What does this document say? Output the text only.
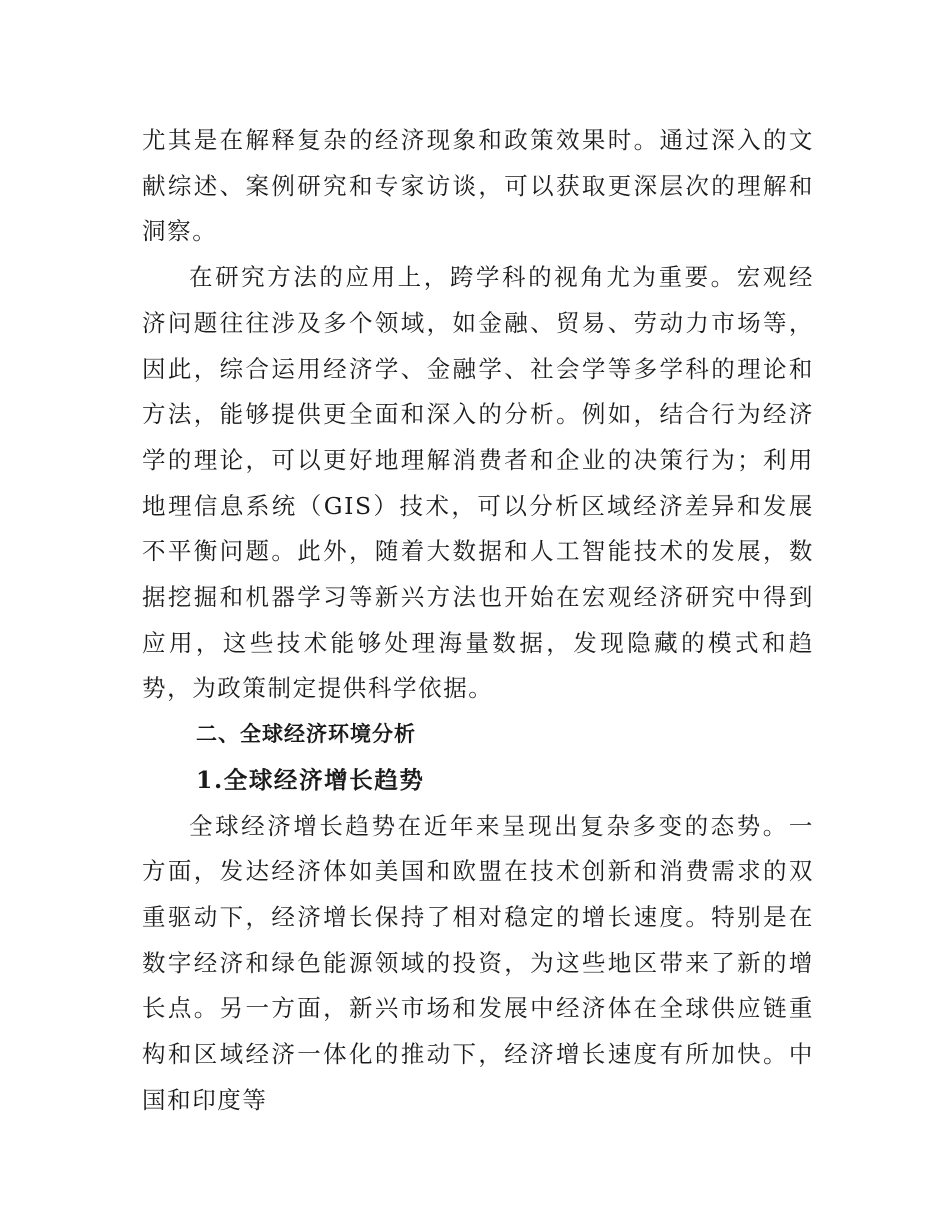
尤其是在解释复杂的经济现象和政策效果时。通过深入的文献综述、案例研究和专家访谈，可以获取更深层次的理解和洞察。

在研究方法的应用上，跨学科的视角尤为重要。宏观经济问题往往涉及多个领域，如金融、贸易、劳动力市场等，因此，综合运用经济学、金融学、社会学等多学科的理论和方法，能够提供更全面和深入的分析。例如，结合行为经济学的理论，可以更好地理解消费者和企业的决策行为；利用地理信息系统（GIS）技术，可以分析区域经济差异和发展不平衡问题。此外，随着大数据和人工智能技术的发展，数据挖掘和机器学习等新兴方法也开始在宏观经济研究中得到应用，这些技术能够处理海量数据，发现隐藏的模式和趋势，为政策制定提供科学依据。

二、全球经济环境分析

1.全球经济增长趋势

全球经济增长趋势在近年来呈现出复杂多变的态势。一方面，发达经济体如美国和欧盟在技术创新和消费需求的双重驱动下，经济增长保持了相对稳定的增长速度。特别是在数字经济和绿色能源领域的投资，为这些地区带来了新的增长点。另一方面，新兴市场和发展中经济体在全球供应链重构和区域经济一体化的推动下，经济增长速度有所加快。中国和印度等
